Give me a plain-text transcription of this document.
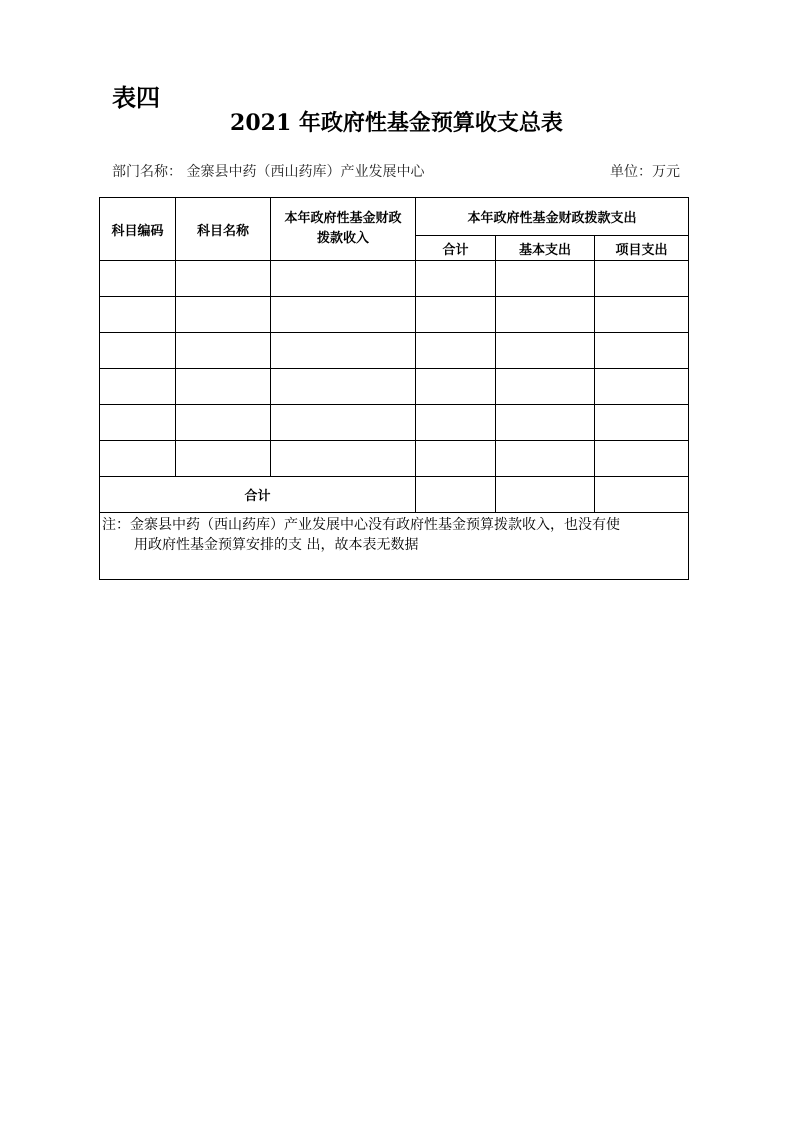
表四
2021 年政府性基金预算收支总表
部门名称： 金寨县中药（西山药库）产业发展中心	单位：万元
科目编码	科目名称	本年政府性基金财政拨款收入	本年政府性基金财政拨款支出		
			合计	基本支出	项目支出

合计					
注：金寨县中药（西山药库）产业发展中心没有政府性基金预算拨款收入，也没有使
用政府性基金预算安排的支 出，故本表无数据					
